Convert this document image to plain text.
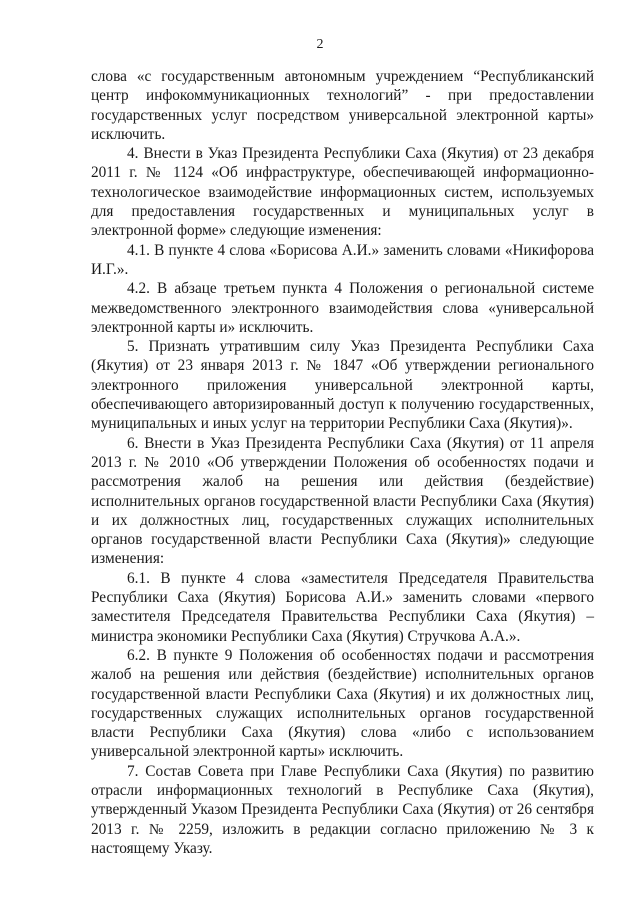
2

слова «с государственным автономным учреждением “Республиканский центр инфокоммуникационных технологий” - при предоставлении государственных услуг посредством универсальной электронной карты» исключить.

4. Внести в Указ Президента Республики Саха (Якутия) от 23 декабря 2011 г. № 1124 «Об инфраструктуре, обеспечивающей информационно-технологическое взаимодействие информационных систем, используемых для предоставления государственных и муниципальных услуг в электронной форме» следующие изменения:

4.1. В пункте 4 слова «Борисова А.И.» заменить словами «Никифорова И.Г.».

4.2. В абзаце третьем пункта 4 Положения о региональной системе межведомственного электронного взаимодействия слова «универсальной электронной карты и» исключить.

5. Признать утратившим силу Указ Президента Республики Саха (Якутия) от 23 января 2013 г. № 1847 «Об утверждении регионального электронного приложения универсальной электронной карты, обеспечивающего авторизированный доступ к получению государственных, муниципальных и иных услуг на территории Республики Саха (Якутия)».

6. Внести в Указ Президента Республики Саха (Якутия) от 11 апреля 2013 г. № 2010 «Об утверждении Положения об особенностях подачи и рассмотрения жалоб на решения или действия (бездействие) исполнительных органов государственной власти Республики Саха (Якутия) и их должностных лиц, государственных служащих исполнительных органов государственной власти Республики Саха (Якутия)» следующие изменения:

6.1. В пункте 4 слова «заместителя Председателя Правительства Республики Саха (Якутия) Борисова А.И.» заменить словами «первого заместителя Председателя Правительства Республики Саха (Якутия) – министра экономики Республики Саха (Якутия) Стручкова А.А.».

6.2. В пункте 9 Положения об особенностях подачи и рассмотрения жалоб на решения или действия (бездействие) исполнительных органов государственной власти Республики Саха (Якутия) и их должностных лиц, государственных служащих исполнительных органов государственной власти Республики Саха (Якутия) слова «либо с использованием универсальной электронной карты» исключить.

7. Состав Совета при Главе Республики Саха (Якутия) по развитию отрасли информационных технологий в Республике Саха (Якутия), утвержденный Указом Президента Республики Саха (Якутия) от 26 сентября 2013 г. № 2259, изложить в редакции согласно приложению № 3 к настоящему Указу.
